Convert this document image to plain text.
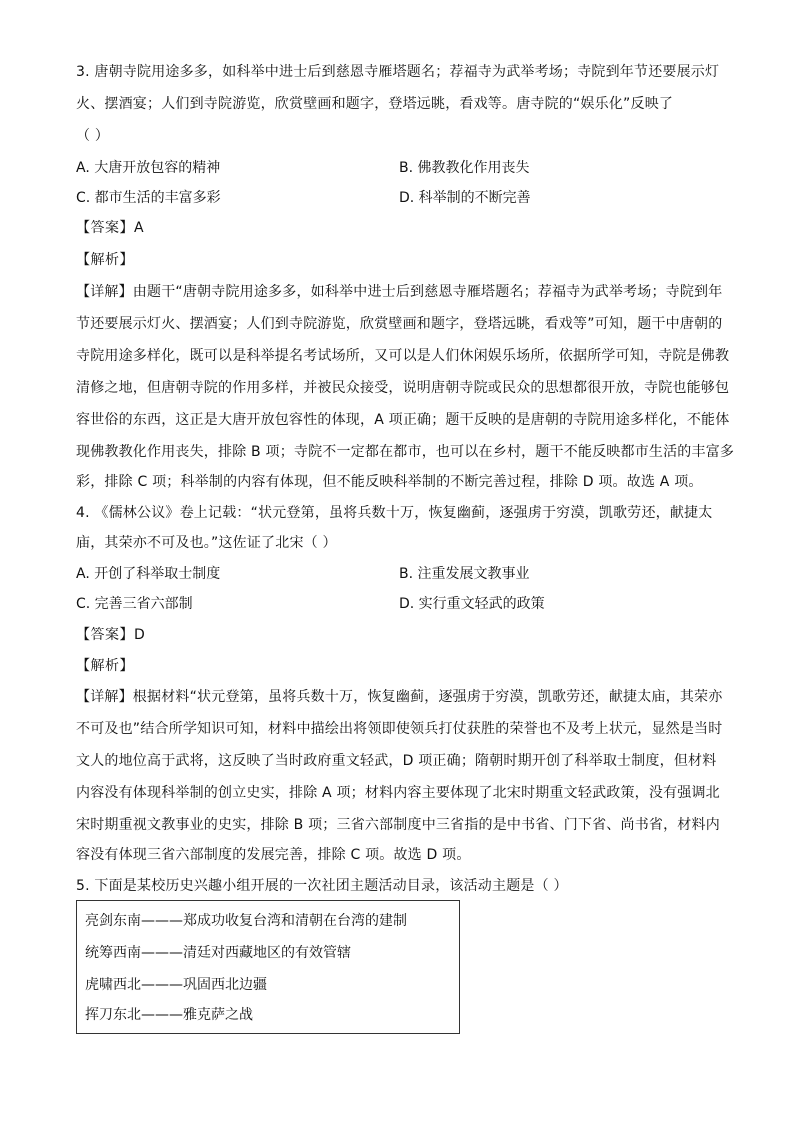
3. 唐朝寺院用途多多，如科举中进士后到慈恩寺雁塔题名；荐福寺为武举考场；寺院到年节还要展示灯
火、摆酒宴；人们到寺院游览，欣赏壁画和题字，登塔远眺，看戏等。唐寺院的“娱乐化”反映了
（ ）
A. 大唐开放包容的精神	B. 佛教教化作用丧失
C. 都市生活的丰富多彩	D. 科举制的不断完善
【答案】A
【解析】
【详解】由题干“唐朝寺院用途多多，如科举中进士后到慈恩寺雁塔题名；荐福寺为武举考场；寺院到年
节还要展示灯火、摆酒宴；人们到寺院游览，欣赏壁画和题字，登塔远眺，看戏等”可知，题干中唐朝的
寺院用途多样化，既可以是科举提名考试场所，又可以是人们休闲娱乐场所，依据所学可知，寺院是佛教
清修之地，但唐朝寺院的作用多样，并被民众接受，说明唐朝寺院或民众的思想都很开放，寺院也能够包
容世俗的东西，这正是大唐开放包容性的体现，A 项正确；题干反映的是唐朝的寺院用途多样化，不能体
现佛教教化作用丧失，排除 B 项；寺院不一定都在都市，也可以在乡村，题干不能反映都市生活的丰富多
彩，排除 C 项；科举制的内容有体现，但不能反映科举制的不断完善过程，排除 D 项。故选 A 项。
4. 《儒林公议》卷上记载：“状元登第，虽将兵数十万，恢复幽蓟，逐强虏于穷漠，凯歌劳还，献捷太
庙，其荣亦不可及也。”这佐证了北宋（ ）
A. 开创了科举取士制度	B. 注重发展文教事业
C. 完善三省六部制	D. 实行重文轻武的政策
【答案】D
【解析】
【详解】根据材料“状元登第，虽将兵数十万，恢复幽蓟，逐强虏于穷漠，凯歌劳还，献捷太庙，其荣亦
不可及也”结合所学知识可知，材料中描绘出将领即使领兵打仗获胜的荣誉也不及考上状元，显然是当时
文人的地位高于武将，这反映了当时政府重文轻武，D 项正确；隋朝时期开创了科举取士制度，但材料
内容没有体现科举制的创立史实，排除 A 项；材料内容主要体现了北宋时期重文轻武政策，没有强调北
宋时期重视文教事业的史实，排除 B 项；三省六部制度中三省指的是中书省、门下省、尚书省，材料内
容没有体现三省六部制度的发展完善，排除 C 项。故选 D 项。
5. 下面是某校历史兴趣小组开展的一次社团主题活动目录，该活动主题是（ ）
亮剑东南———郑成功收复台湾和清朝在台湾的建制
统筹西南———清廷对西藏地区的有效管辖
虎啸西北———巩固西北边疆
挥刀东北———雅克萨之战
